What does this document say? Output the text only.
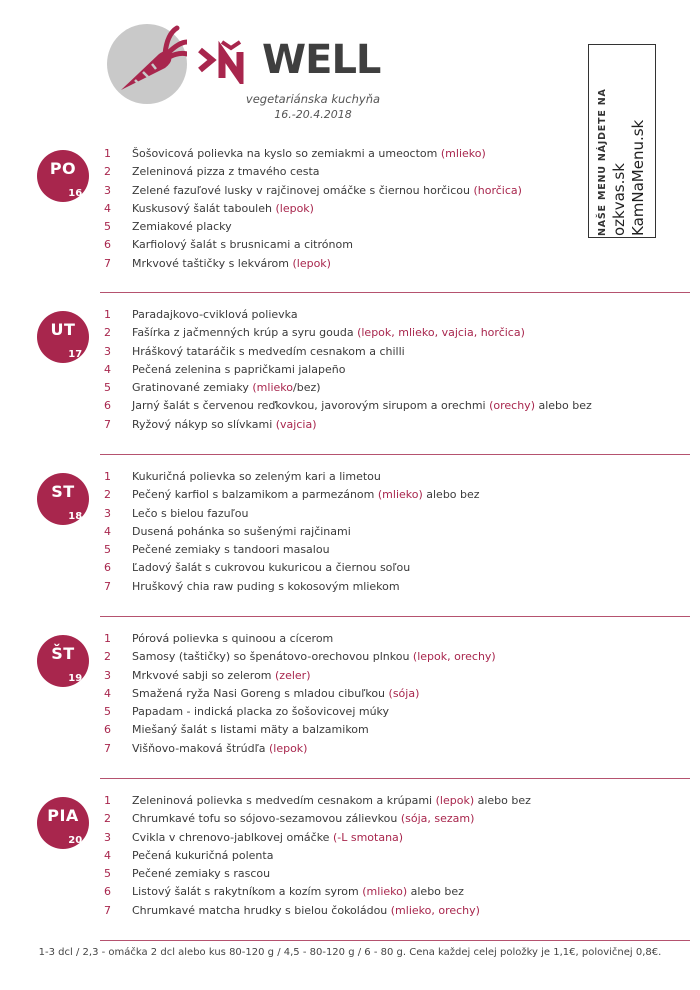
WELL
vegetariánska kuchyňa
16.-20.4.2018	NAŠE MENU NÁJDETE NA ozkvas.sk KamNaMenu.sk
PO
16.
1 Šošovicová polievka na kyslo so zemiakmi a umeoctom (mlieko)
2 Zeleninová pizza z tmavého cesta
3 Zelené fazuľové lusky v rajčinovej omáčke s čiernou horčicou (horčica)
4 Kuskusový šalát tabouleh (lepok)
5 Zemiakové placky
6 Karfiolový šalát s brusnicami a citrónom
7 Mrkvové taštičky s lekvárom (lepok)
UT
17.
1 Paradajkovo-cviklová polievka
2 Fašírka z jačmenných krúp a syru gouda (lepok, mlieko, vajcia, horčica)
3 Hráškový tataráčik s medvedím cesnakom a chilli
4 Pečená zelenina s papričkami jalapeño
5 Gratinované zemiaky (mlieko/bez)
6 Jarný šalát s červenou reďkovkou, javorovým sirupom a orechmi (orechy) alebo bez
7 Ryžový nákyp so slívkami (vajcia)
ST
18.
1 Kukuričná polievka so zeleným kari a limetou
2 Pečený karfiol s balzamikom a parmezánom (mlieko) alebo bez
3 Lečo s bielou fazuľou
4 Dusená pohánka so sušenými rajčinami
5 Pečené zemiaky s tandoori masalou
6 Ľadový šalát s cukrovou kukuricou a čiernou soľou
7 Hruškový chia raw puding s kokosovým mliekom
ŠT
19.
1 Pórová polievka s quinoou a cícerom
2 Samosy (taštičky) so špenátovo-orechovou plnkou (lepok, orechy)
3 Mrkvové sabji so zelerom (zeler)
4 Smažená ryža Nasi Goreng s mladou cibuľkou (sója)
5 Papadam - indická placka zo šošovicovej múky
6 Miešaný šalát s listami mäty a balzamikom
7 Višňovo-maková štrúdľa (lepok)
PIA
20.
1 Zeleninová polievka s medvedím cesnakom a krúpami (lepok) alebo bez
2 Chrumkavé tofu so sójovo-sezamovou zálievkou (sója, sezam)
3 Cvikla v chrenovo-jablkovej omáčke (-L smotana)
4 Pečená kukuričná polenta
5 Pečené zemiaky s rascou
6 Listový šalát s rakytníkom a kozím syrom (mlieko) alebo bez
7 Chrumkavé matcha hrudky s bielou čokoládou (mlieko, orechy)
1-3 dcl / 2,3 - omáčka 2 dcl alebo kus 80-120 g / 4,5 - 80-120 g / 6 - 80 g. Cena každej celej položky je 1,1€, polovičnej 0,8€.
